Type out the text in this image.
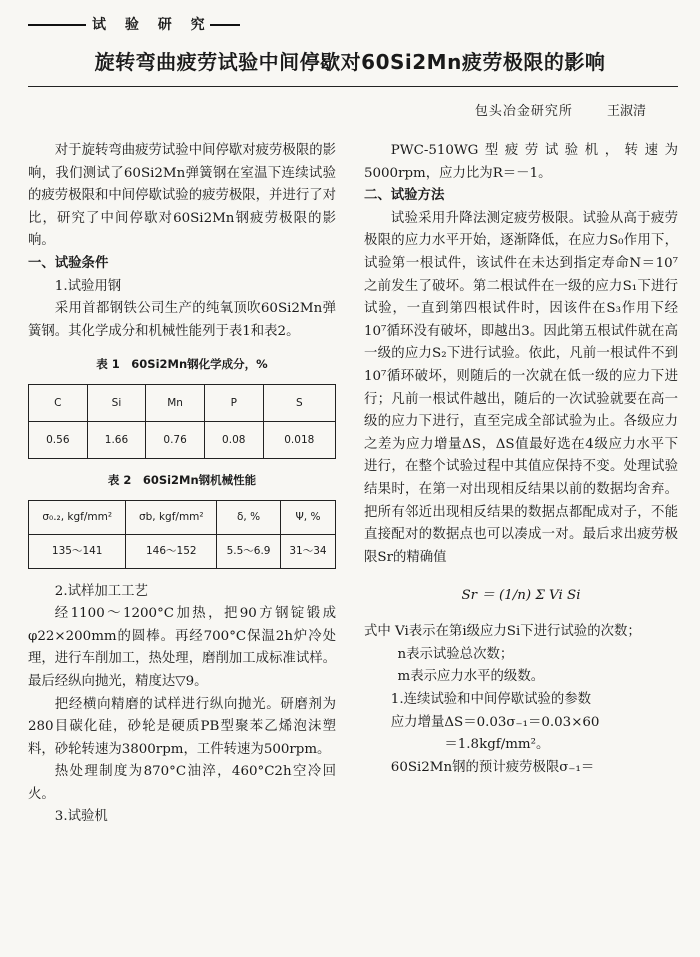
试 验 研 究
旋转弯曲疲劳试验中间停歇对60Si2Mn疲劳极限的影响
包头冶金研究所	王淑清

对于旋转弯曲疲劳试验中间停歇对疲劳极限的影响，我们测试了60Si2Mn弹簧钢在室温下连续试验的疲劳极限和中间停歇试验的疲劳极限，并进行了对比，研究了中间停歇对60Si2Mn钢疲劳极限的影响。

一、试验条件

1.试验用钢

采用首都钢铁公司生产的纯氧顶吹60Si2Mn弹簧钢。其化学成分和机械性能列于表1和表2。

表 1　60Si2Mn钢化学成分，%
C	Si	Mn	P	S
0.56	1.66	0.76	0.08	0.018
表 2　60Si2Mn钢机械性能
σ₀.₂, kgf/mm²	σb, kgf/mm²	δ, %	Ψ, %
135～141	146～152	5.5～6.9	31～34

2.试样加工工艺

经1100～1200°C加热，把90方钢锭锻成φ22×200mm的圆棒。再经700°C保温2h炉冷处理，进行车削加工，热处理，磨削加工成标准试样。最后经纵向抛光，精度达▽9。

把经横向精磨的试样进行纵向抛光。研磨剂为280目碳化硅，砂轮是硬质PB型聚苯乙烯泡沫塑料，砂轮转速为3800rpm，工件转速为500rpm。

热处理制度为870°C油淬，460°C2h空冷回火。

3.试验机

PWC-510WG型疲劳试验机，转速为5000rpm，应力比为R＝－1。

二、试验方法

试验采用升降法测定疲劳极限。试验从高于疲劳极限的应力水平开始，逐渐降低，在应力S₀作用下，试验第一根试件，该试件在未达到指定寿命N＝10⁷之前发生了破坏。第二根试件在一级的应力S₁下进行试验，一直到第四根试件时，因该件在S₃作用下经10⁷循环没有破坏，即越出3。因此第五根试件就在高一级的应力S₂下进行试验。依此，凡前一根试件不到10⁷循环破坏，则随后的一次就在低一级的应力下进行；凡前一根试件越出，随后的一次试验就要在高一级的应力下进行，直至完成全部试验为止。各级应力之差为应力增量ΔS，ΔS值最好选在4级应力水平下进行，在整个试验过程中其值应保持不变。处理试验结果时，在第一对出现相反结果以前的数据均舍弃。把所有邻近出现相反结果的数据点都配成对子，不能直接配对的数据点也可以凑成一对。最后求出疲劳极限Sr的精确值

Sr ＝ (1/n) Σ Vi Si

式中 Vi表示在第i级应力Si下进行试验的次数；

n表示试验总次数；

m表示应力水平的级数。

1.连续试验和中间停歇试验的参数

应力增量ΔS＝0.03σ₋₁＝0.03×60

＝1.8kgf/mm²。

60Si2Mn钢的预计疲劳极限σ₋₁＝
